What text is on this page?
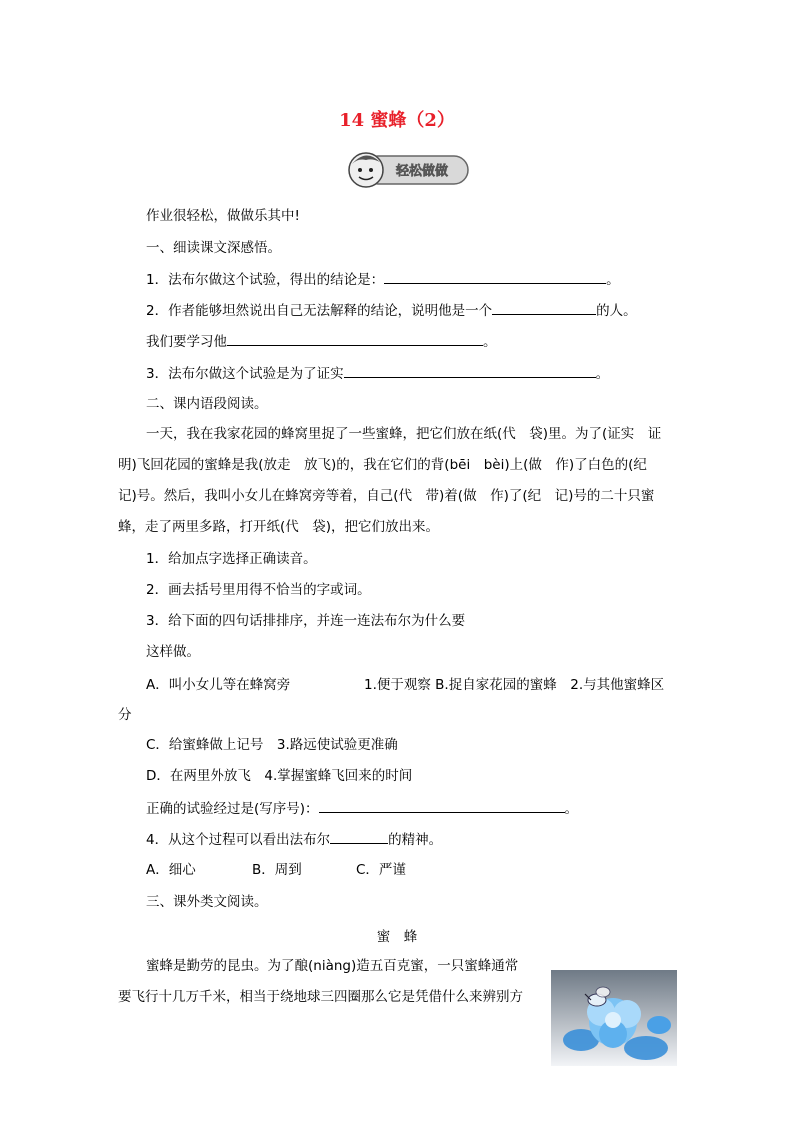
14 蜜蜂（2）
轻松做做
作业很轻松，做做乐其中!
一、细读课文深感悟。
1．法布尔做这个试验，得出的结论是：	。
2．作者能够坦然说出自己无法解释的结论，说明他是一个	的人。
我们要学习他	。
3．法布尔做这个试验是为了证实	。
二、课内语段阅读。
一天，我在我家花园的蜂窝里捉了一些蜜蜂，把它们放在纸(代　袋)里。为了(证实　证明)飞回花园的蜜蜂是我(放走　放飞)的，我在它们的背(bēi　bèi)上(做　作)了白色的(纪　记)号。然后，我叫小女儿在蜂窝旁等着，自己(代　带)着(做　作)了(纪　记)号的二十只蜜蜂，走了两里多路，打开纸(代　袋)，把它们放出来。
1．给加点字选择正确读音。
2．画去括号里用得不恰当的字或词。
3．给下面的四句话排排序，并连一连法布尔为什么要
这样做。
A．叫小女儿等在蜂窝旁	1.便于观察 B.捉自家花园的蜜蜂　2.与其他蜜蜂区
分
C．给蜜蜂做上记号　3.路远使试验更准确
D．在两里外放飞　4.掌握蜜蜂飞回来的时间
正确的试验经过是(写序号)：	。
4．从这个过程可以看出法布尔	的精神。
A．细心	B．周到	C．严谨
三、课外类文阅读。
蜜　蜂
蜜蜂是勤劳的昆虫。为了酿(niàng)造五百克蜜，一只蜜蜂通常
要飞行十几万千米，相当于绕地球三四圈那么它是凭借什么来辨别方
